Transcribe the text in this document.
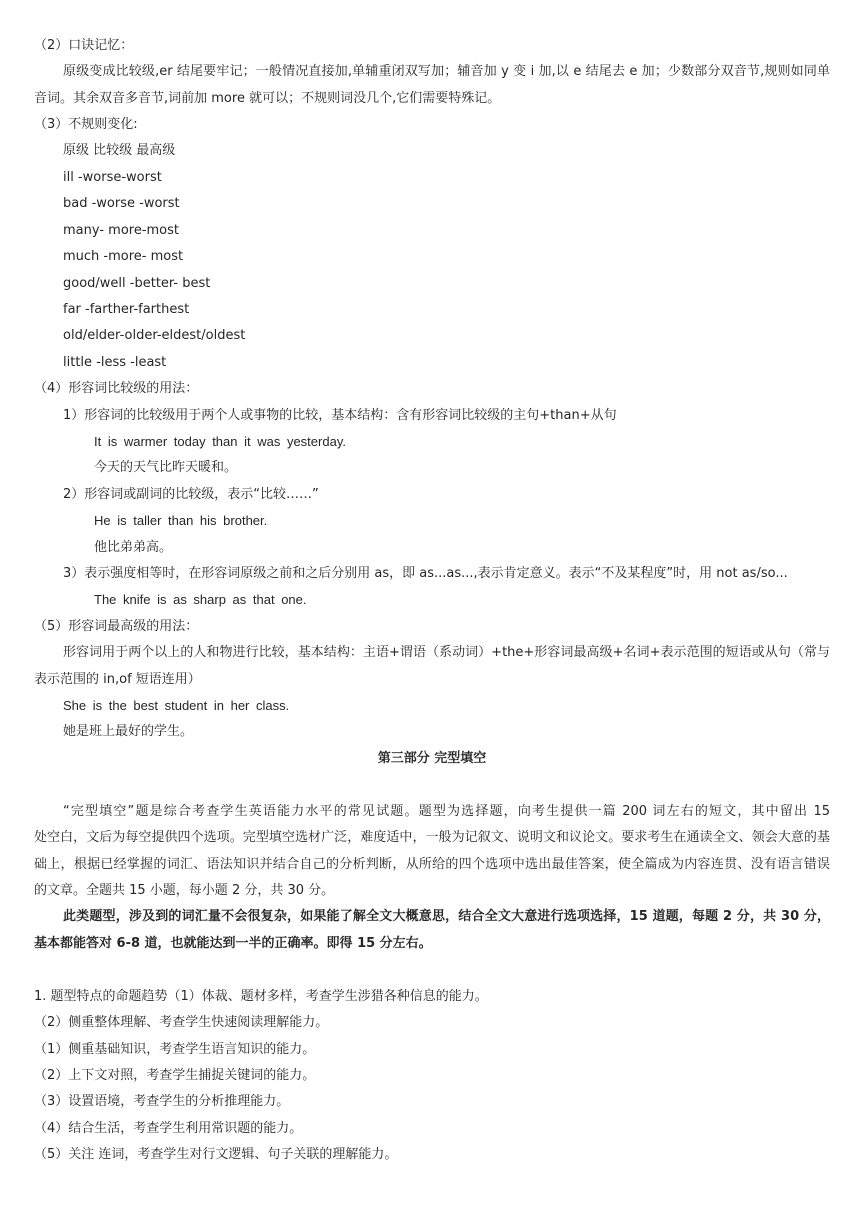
（2）口诀记忆：
原级变成比较级,er 结尾要牢记；一般情况直接加,单辅重闭双写加；辅音加 y 变 i 加,以 e 结尾去 e 加；少数部分双音节,规则如同单
音词。其余双音多音节,词前加 more 就可以；不规则词没几个,它们需要特殊记。
（3）不规则变化:
原级 比较级 最高级
ill -worse-worst
bad -worse -worst
many- more-most
much -more- most
good/well -better- best
far -farther-farthest
old/elder-older-eldest/oldest
little -less -least
（4）形容词比较级的用法：
1）形容词的比较级用于两个人或事物的比较，基本结构：含有形容词比较级的主句+than+从句
It is warmer today than it was yesterday.
今天的天气比昨天暖和。
2）形容词或副词的比较级，表示“比较……”
He is taller than his brother.
他比弟弟高。
3）表示强度相等时，在形容词原级之前和之后分别用 as，即 as...as...,表示肯定意义。表示“不及某程度”时，用 not as/so...
The knife is as sharp as that one.
（5）形容词最高级的用法：
形容词用于两个以上的人和物进行比较，基本结构：主语+谓语（系动词）+the+形容词最高级+名词+表示范围的短语或从句（常与
表示范围的 in,of 短语连用）
She is the best student in her class.
她是班上最好的学生。
第三部分 完型填空
“完型填空”题是综合考查学生英语能力水平的常见试题。题型为选择题，向考生提供一篇 200 词左右的短文，其中留出 15
处空白，文后为每空提供四个选项。完型填空选材广泛，难度适中，一般为记叙文、说明文和议论文。要求考生在通读全文、领会大意的基
础上，根据已经掌握的词汇、语法知识并结合自己的分析判断，从所给的四个选项中选出最佳答案，使全篇成为内容连贯、没有语言错误
的文章。全题共 15 小题，每小题 2 分，共 30 分。
此类题型，涉及到的词汇量不会很复杂，如果能了解全文大概意思，结合全文大意进行选项选择，15 道题，每题 2 分，共 30 分，
基本都能答对 6-8 道，也就能达到一半的正确率。即得 15 分左右。
1. 题型特点的命题趋势（1）体裁、题材多样，考查学生涉猎各种信息的能力。
（2）侧重整体理解、考查学生快速阅读理解能力。
（1）侧重基础知识，考查学生语言知识的能力。
（2）上下文对照，考查学生捕捉关键词的能力。
（3）设置语境，考查学生的分析推理能力。
（4）结合生活，考查学生利用常识题的能力。
（5）关注 连词，考查学生对行文逻辑、句子关联的理解能力。
